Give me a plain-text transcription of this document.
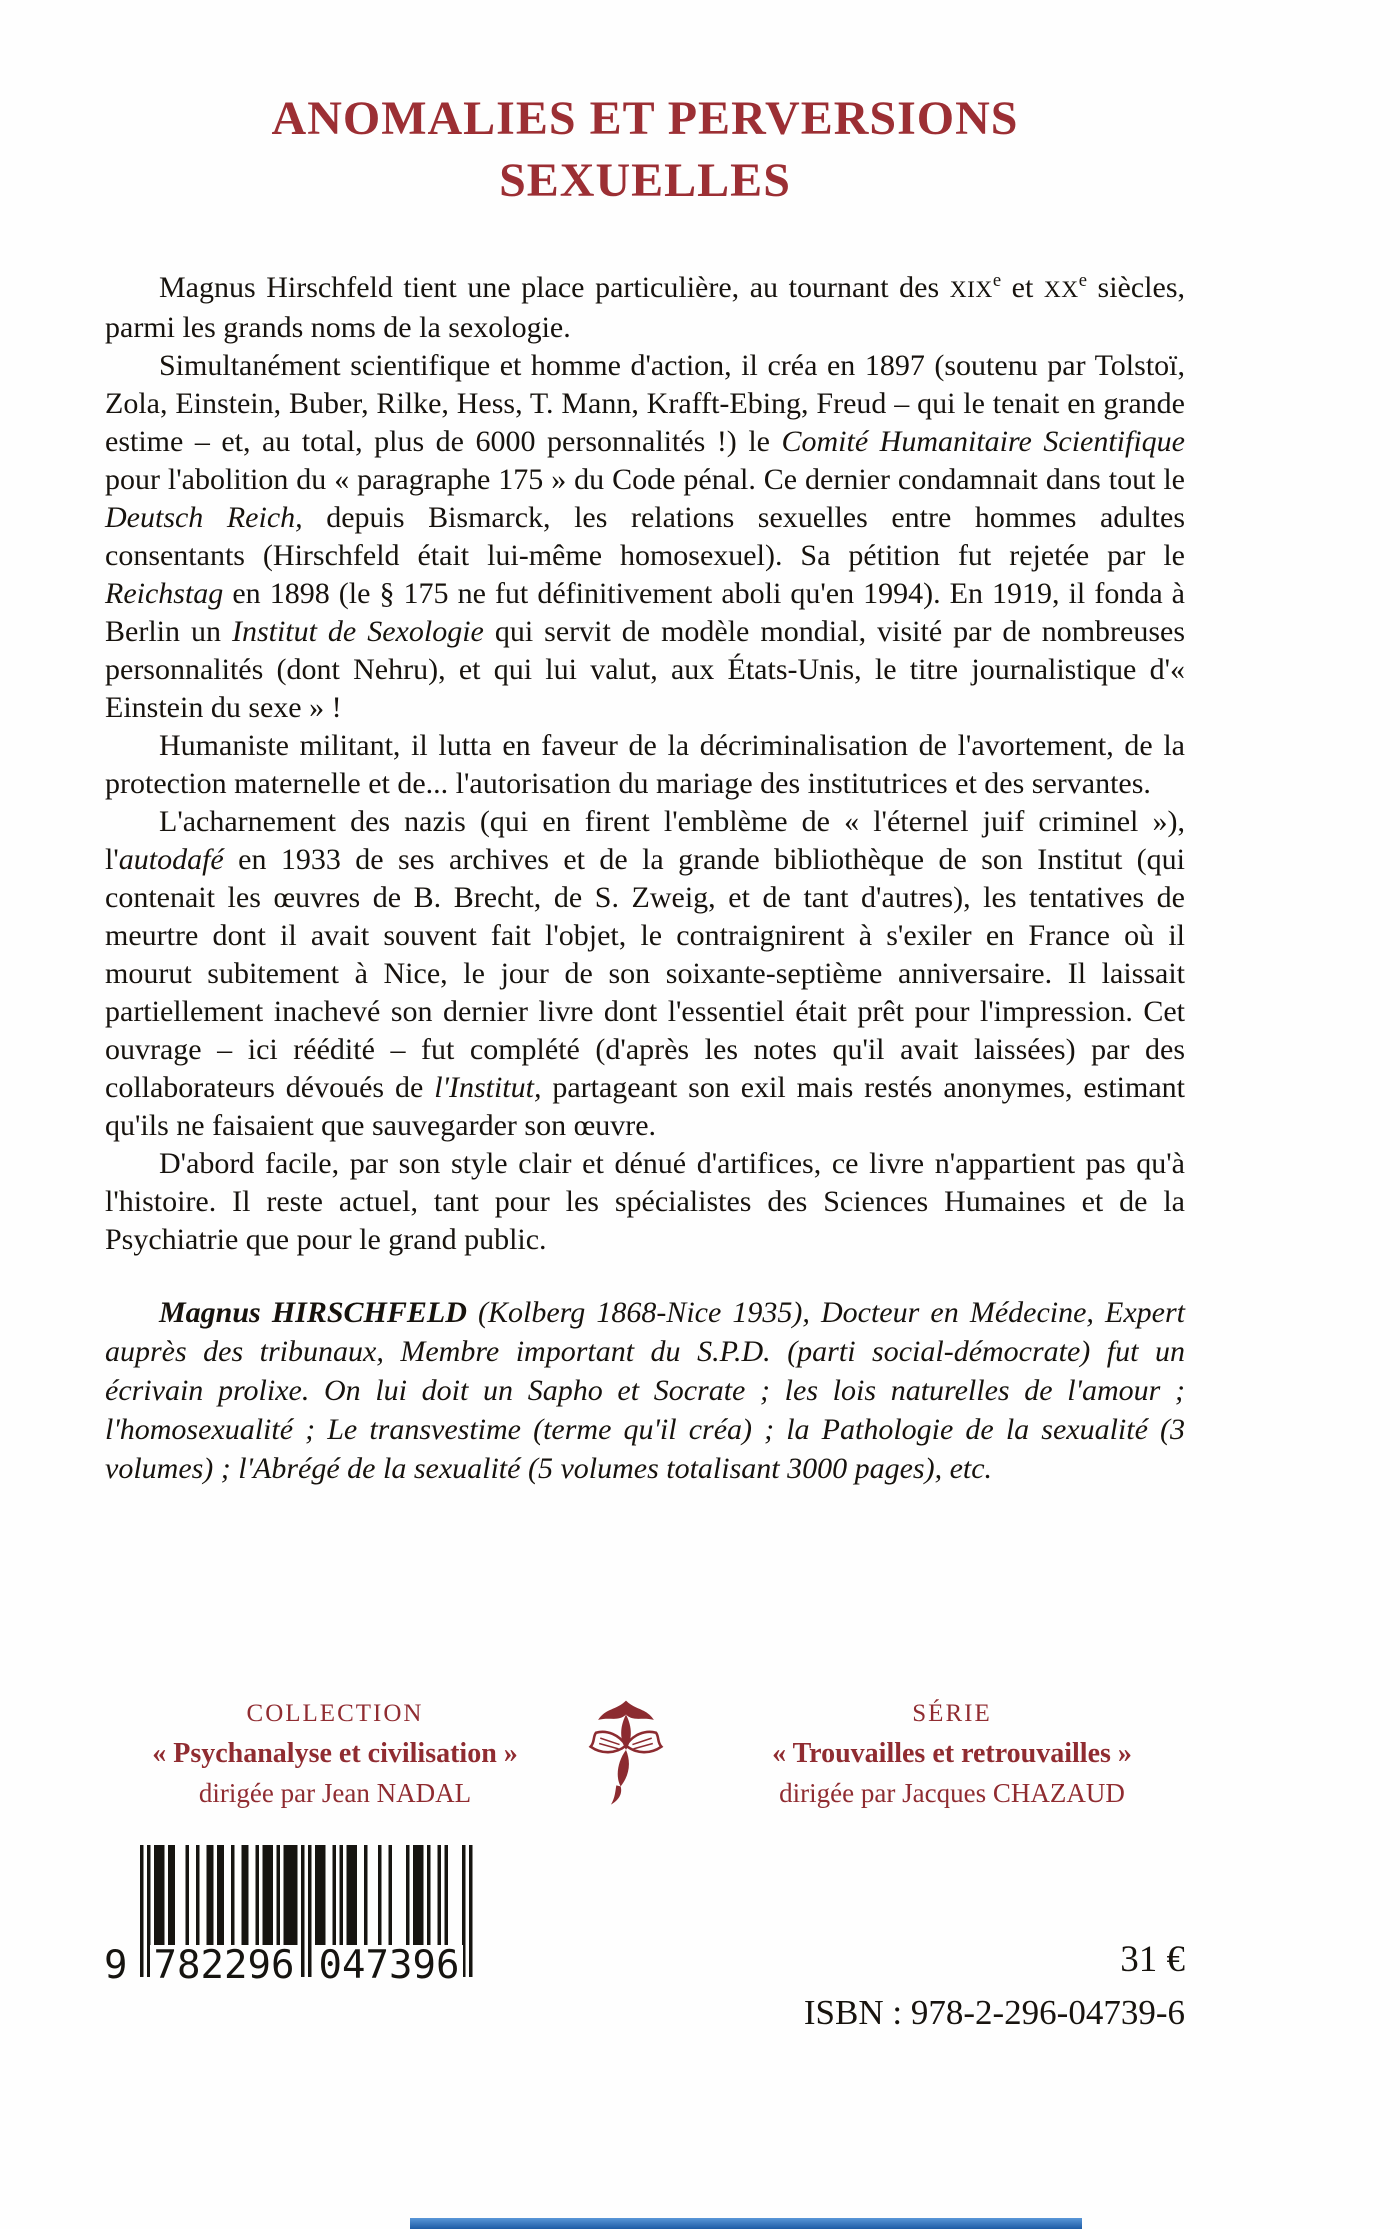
ANOMALIES ET PERVERSIONS
SEXUELLES

Magnus Hirschfeld tient une place particulière, au tournant des XIXe et XXe siècles, parmi les grands noms de la sexologie.

Simultanément scientifique et homme d'action, il créa en 1897 (soutenu par Tolstoï, Zola, Einstein, Buber, Rilke, Hess, T. Mann, Krafft-Ebing, Freud – qui le tenait en grande estime – et, au total, plus de 6000 personnalités !) le Comité Humanitaire Scientifique pour l'abolition du « paragraphe 175 » du Code pénal. Ce dernier condamnait dans tout le Deutsch Reich, depuis Bismarck, les relations sexuelles entre hommes adultes consentants (Hirschfeld était lui-même homosexuel). Sa pétition fut rejetée par le Reichstag en 1898 (le § 175 ne fut définitivement aboli qu'en 1994). En 1919, il fonda à Berlin un Institut de Sexologie qui servit de modèle mondial, visité par de nombreuses personnalités (dont Nehru), et qui lui valut, aux États-Unis, le titre journalistique d'« Einstein du sexe » !

Humaniste militant, il lutta en faveur de la décriminalisation de l'avortement, de la protection maternelle et de... l'autorisation du mariage des institutrices et des servantes.

L'acharnement des nazis (qui en firent l'emblème de « l'éternel juif criminel »), l'autodafé en 1933 de ses archives et de la grande bibliothèque de son Institut (qui contenait les œuvres de B. Brecht, de S. Zweig, et de tant d'autres), les tentatives de meurtre dont il avait souvent fait l'objet, le contraignirent à s'exiler en France où il mourut subitement à Nice, le jour de son soixante-septième anniversaire. Il laissait partiellement inachevé son dernier livre dont l'essentiel était prêt pour l'impression. Cet ouvrage – ici réédité – fut complété (d'après les notes qu'il avait laissées) par des collaborateurs dévoués de l'Institut, partageant son exil mais restés anonymes, estimant qu'ils ne faisaient que sauvegarder son œuvre.

D'abord facile, par son style clair et dénué d'artifices, ce livre n'appartient pas qu'à l'histoire. Il reste actuel, tant pour les spécialistes des Sciences Humaines et de la Psychiatrie que pour le grand public.

Magnus HIRSCHFELD (Kolberg 1868-Nice 1935), Docteur en Médecine, Expert auprès des tribunaux, Membre important du S.P.D. (parti social-démocrate) fut un écrivain prolixe. On lui doit un Sapho et Socrate ; les lois naturelles de l'amour ; l'homosexualité ; Le transvestime (terme qu'il créa) ; la Pathologie de la sexualité (3 volumes) ; l'Abrégé de la sexualité (5 volumes totalisant 3000 pages), etc.

COLLECTION
« Psychanalyse et civilisation »
dirigée par Jean NADAL
SÉRIE
« Trouvailles et retrouvailles »
dirigée par Jacques CHAZAUD
9 782296 047396	31 €
ISBN : 978-2-296-04739-6
